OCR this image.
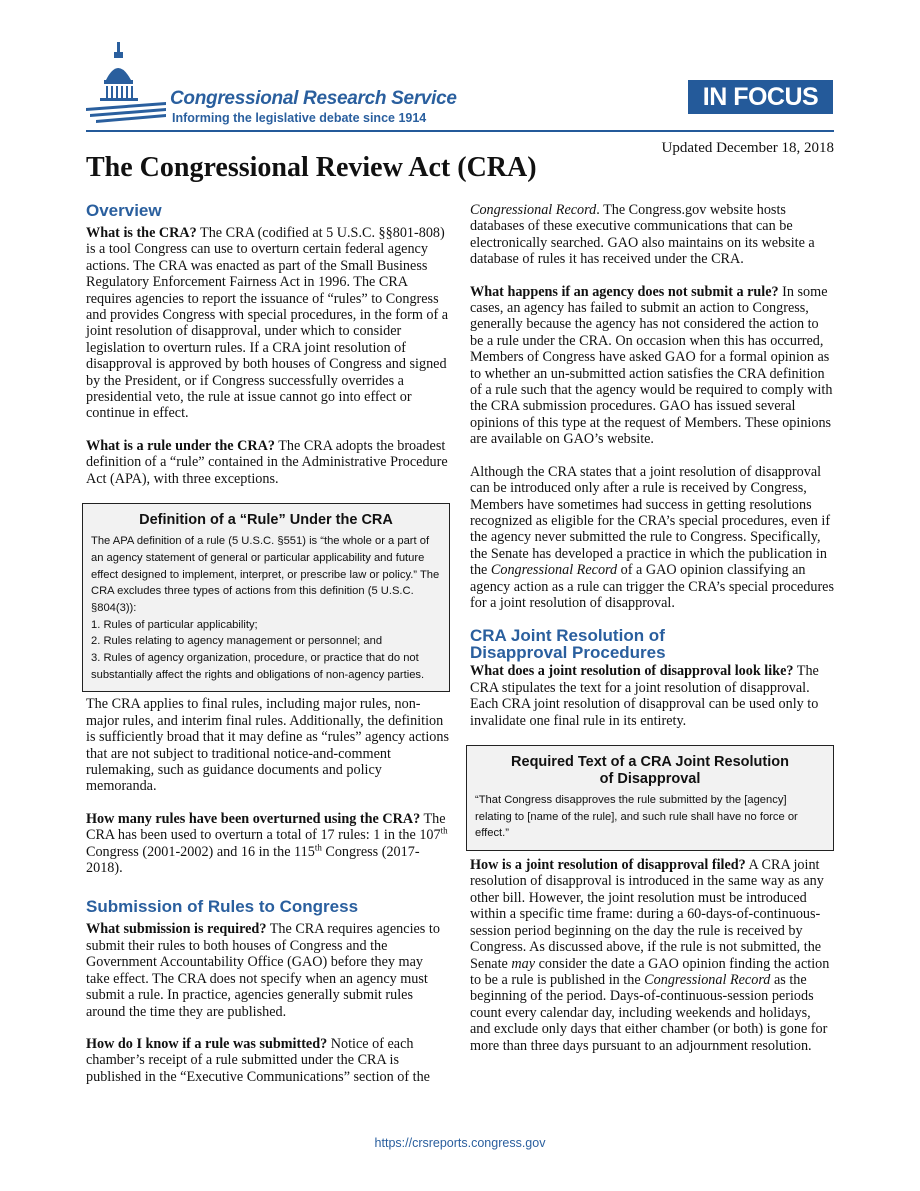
Congressional Research Service
Informing the legislative debate since 1914
IN FOCUS
Updated December 18, 2018
The Congressional Review Act (CRA)
Overview

What is the CRA? The CRA (codified at 5 U.S.C. §§801-808) is a tool Congress can use to overturn certain federal agency actions. The CRA was enacted as part of the Small Business Regulatory Enforcement Fairness Act in 1996. The CRA requires agencies to report the issuance of “rules” to Congress and provides Congress with special procedures, in the form of a joint resolution of disapproval, under which to consider legislation to overturn rules. If a CRA joint resolution of disapproval is approved by both houses of Congress and signed by the President, or if Congress successfully overrides a presidential veto, the rule at issue cannot go into effect or continue in effect.

What is a rule under the CRA? The CRA adopts the broadest definition of a “rule” contained in the Administrative Procedure Act (APA), with three exceptions.

Definition of a “Rule” Under the CRA
The APA definition of a rule (5 U.S.C. §551) is “the whole or a part of an agency statement of general or particular applicability and future effect designed to implement, interpret, or prescribe law or policy.” The CRA excludes three types of actions from this definition (5 U.S.C. §804(3)):
1. Rules of particular applicability;
2. Rules relating to agency management or personnel; and
3. Rules of agency organization, procedure, or practice that do not substantially affect the rights and obligations of non-agency parties.

The CRA applies to final rules, including major rules, non-major rules, and interim final rules. Additionally, the definition is sufficiently broad that it may define as “rules” agency actions that are not subject to traditional notice-and-comment rulemaking, such as guidance documents and policy memoranda.

How many rules have been overturned using the CRA? The CRA has been used to overturn a total of 17 rules: 1 in the 107th Congress (2001-2002) and 16 in the 115th Congress (2017-2018).

Submission of Rules to Congress

What submission is required? The CRA requires agencies to submit their rules to both houses of Congress and the Government Accountability Office (GAO) before they may take effect. The CRA does not specify when an agency must submit a rule. In practice, agencies generally submit rules around the time they are published.

How do I know if a rule was submitted? Notice of each chamber’s receipt of a rule submitted under the CRA is published in the “Executive Communications” section of the

Congressional Record. The Congress.gov website hosts databases of these executive communications that can be electronically searched. GAO also maintains on its website a database of rules it has received under the CRA.

What happens if an agency does not submit a rule? In some cases, an agency has failed to submit an action to Congress, generally because the agency has not considered the action to be a rule under the CRA. On occasion when this has occurred, Members of Congress have asked GAO for a formal opinion as to whether an un-submitted action satisfies the CRA definition of a rule such that the agency would be required to comply with the CRA submission procedures. GAO has issued several opinions of this type at the request of Members. These opinions are available on GAO’s website.

Although the CRA states that a joint resolution of disapproval can be introduced only after a rule is received by Congress, Members have sometimes had success in getting resolutions recognized as eligible for the CRA’s special procedures, even if the agency never submitted the rule to Congress. Specifically, the Senate has developed a practice in which the publication in the Congressional Record of a GAO opinion classifying an agency action as a rule can trigger the CRA’s special procedures for a joint resolution of disapproval.

CRA Joint Resolution of
Disapproval Procedures

What does a joint resolution of disapproval look like? The CRA stipulates the text for a joint resolution of disapproval. Each CRA joint resolution of disapproval can be used only to invalidate one final rule in its entirety.

Required Text of a CRA Joint Resolution
of Disapproval
“That Congress disapproves the rule submitted by the [agency] relating to [name of the rule], and such rule shall have no force or effect.”

How is a joint resolution of disapproval filed? A CRA joint resolution of disapproval is introduced in the same way as any other bill. However, the joint resolution must be introduced within a specific time frame: during a 60-days-of-continuous-session period beginning on the day the rule is received by Congress. As discussed above, if the rule is not submitted, the Senate may consider the date a GAO opinion finding the action to be a rule is published in the Congressional Record as the beginning of the period. Days-of-continuous-session periods count every calendar day, including weekends and holidays, and exclude only days that either chamber (or both) is gone for more than three days pursuant to an adjournment resolution.

https://crsreports.congress.gov
